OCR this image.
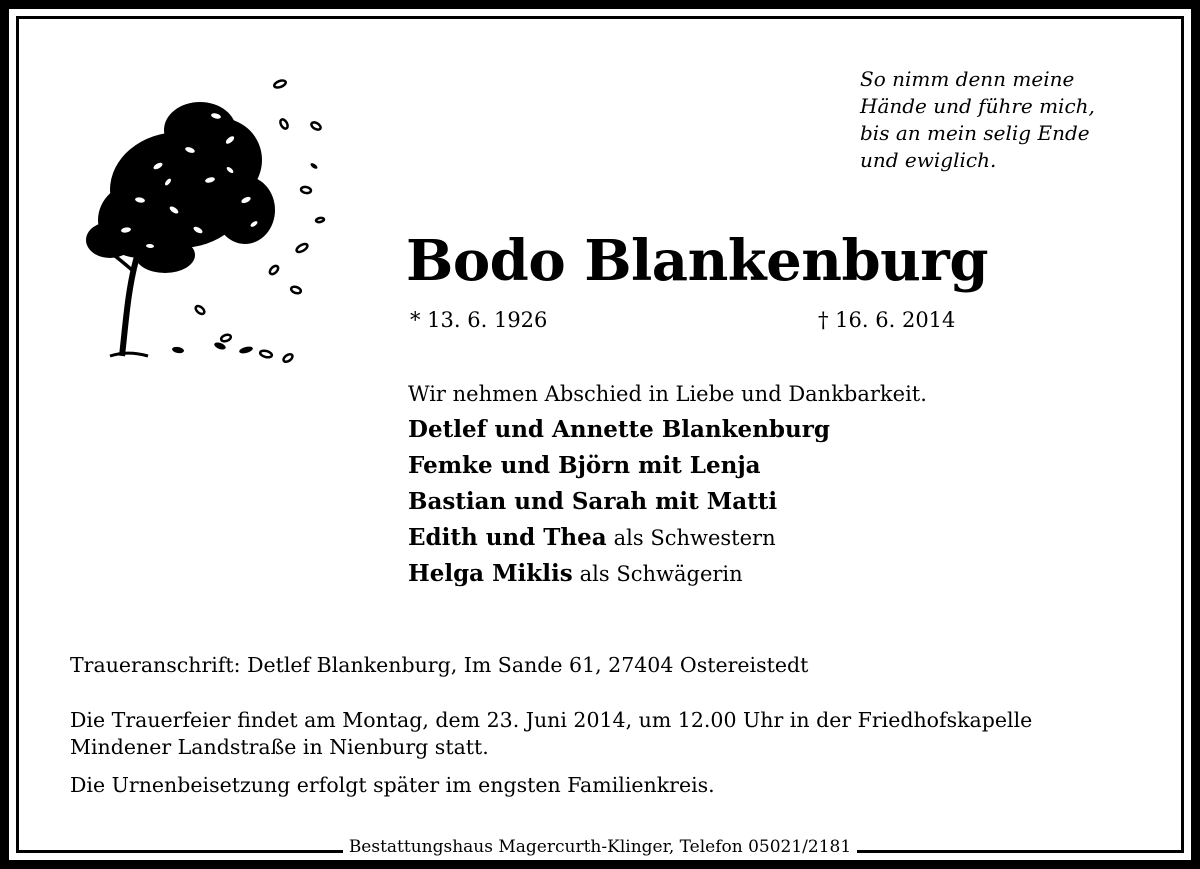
So nimm denn meine
Hände und führe mich,
bis an mein selig Ende
und ewiglich.
Bodo Blankenburg
* 13. 6. 1926	† 16. 6. 2014
Wir nehmen Abschied in Liebe und Dankbarkeit.
Detlef und Annette Blankenburg
Femke und Björn mit Lenja
Bastian und Sarah mit Matti
Edith und Thea als Schwestern
Helga Miklis als Schwägerin
Traueranschrift: Detlef Blankenburg, Im Sande 61, 27404 Ostereistedt
Die Trauerfeier findet am Montag, dem 23. Juni 2014, um 12.00 Uhr in der Friedhofskapelle
Mindener Landstraße in Nienburg statt.
Die Urnenbeisetzung erfolgt später im engsten Familienkreis.
Bestattungshaus Magercurth-Klinger, Telefon 05021/2181
